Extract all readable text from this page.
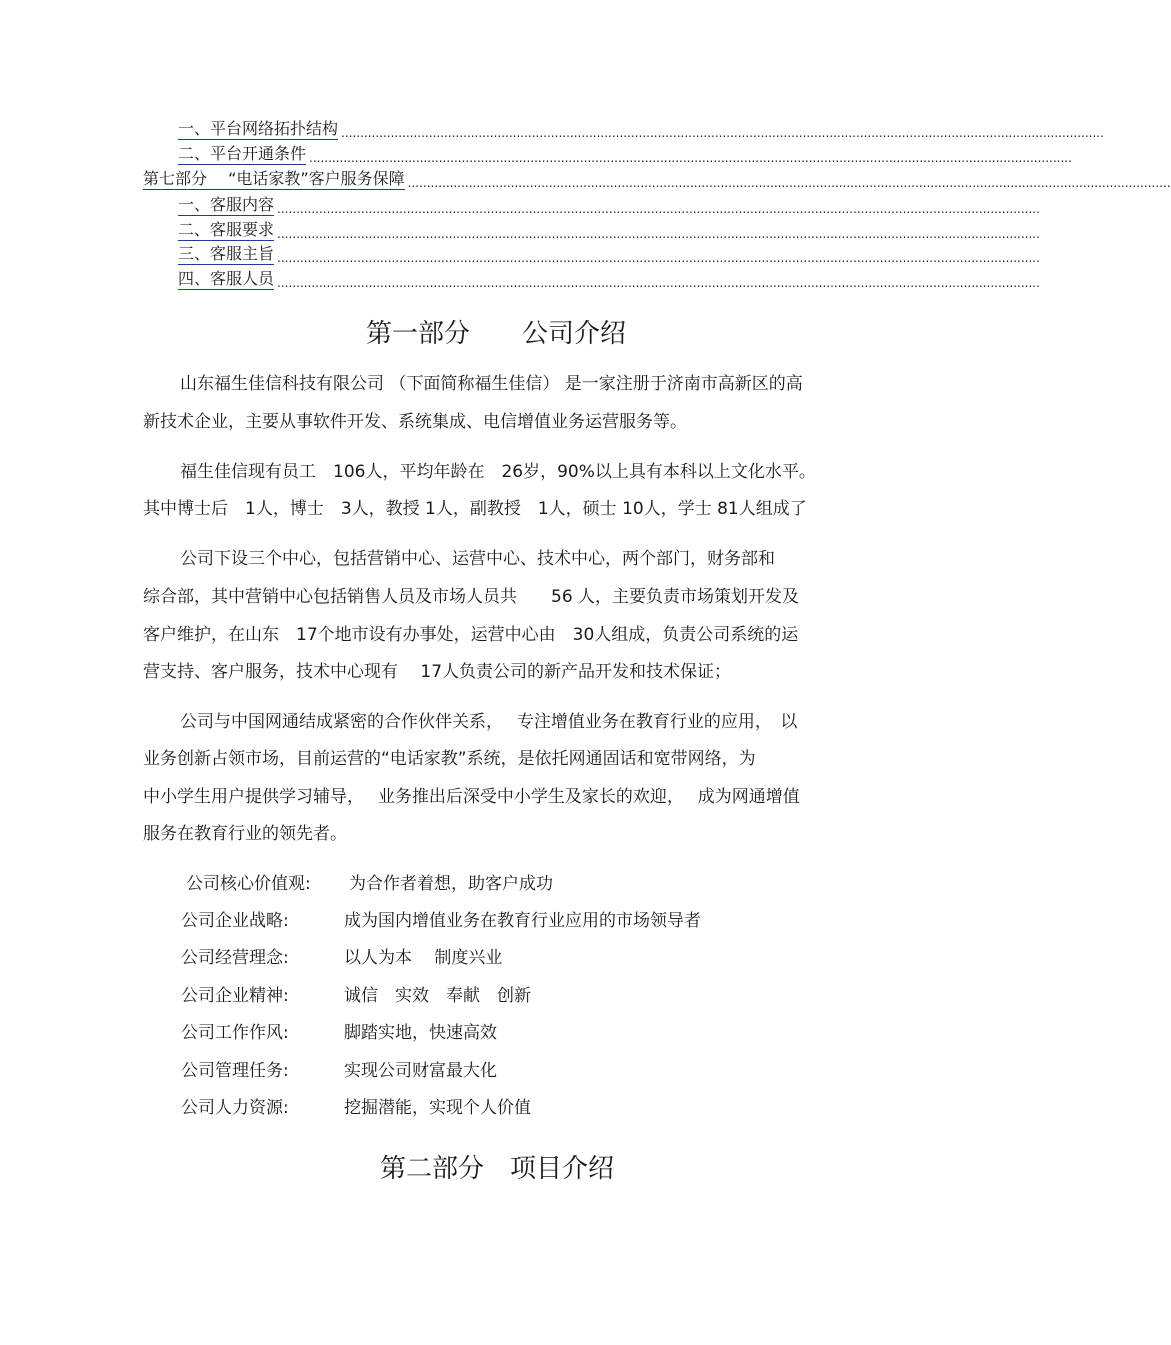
一、平台网络拓扑结构 ........................................................................................................................................................................................................
二、平台开通条件 ........................................................................................................................................................................................................
第七部分　 “电话家教”客户服务保障 ........................................................................................................................................................................................................
一、客服内容 ........................................................................................................................................................................................................
二、客服要求 ........................................................................................................................................................................................................
三、客服主旨 ........................................................................................................................................................................................................
四、客服人员 ........................................................................................................................................................................................................
第一部分　　公司介绍
山东福生佳信科技有限公司 （下面简称福生佳信） 是一家注册于济南市高新区的高
新技术企业，主要从事软件开发、系统集成、电信增值业务运营服务等。
福生佳信现有员工　106人，平均年龄在　26岁，90%以上具有本科以上文化水平。
其中博士后　1人，博士　3人，教授 1人，副教授　1人，硕士 10人，学士 81人组成了
公司下设三个中心，包括营销中心、运营中心、技术中心，两个部门，财务部和
综合部，其中营销中心包括销售人员及市场人员共　　56 人，主要负责市场策划开发及
客户维护，在山东　17个地市设有办事处，运营中心由　30人组成，负责公司系统的运
营支持、客户服务，技术中心现有　 17人负责公司的新产品开发和技术保证；
公司与中国网通结成紧密的合作伙伴关系，　 专注增值业务在教育行业的应用，　以
业务创新占领市场，目前运营的“电话家教”系统，是依托网通固话和宽带网络，为
中小学生用户提供学习辅导，　 业务推出后深受中小学生及家长的欢迎，　 成为网通增值
服务在教育行业的领先者。
公司核心价值观: 为合作者着想，助客户成功
公司企业战略:	成为国内增值业务在教育行业应用的市场领导者
公司经营理念:	以人为本　 制度兴业
公司企业精神:	诚信　实效　奉献　创新
公司工作作风:	脚踏实地，快速高效
公司管理任务:	实现公司财富最大化
公司人力资源:	挖掘潜能，实现个人价值
第二部分　项目介绍
